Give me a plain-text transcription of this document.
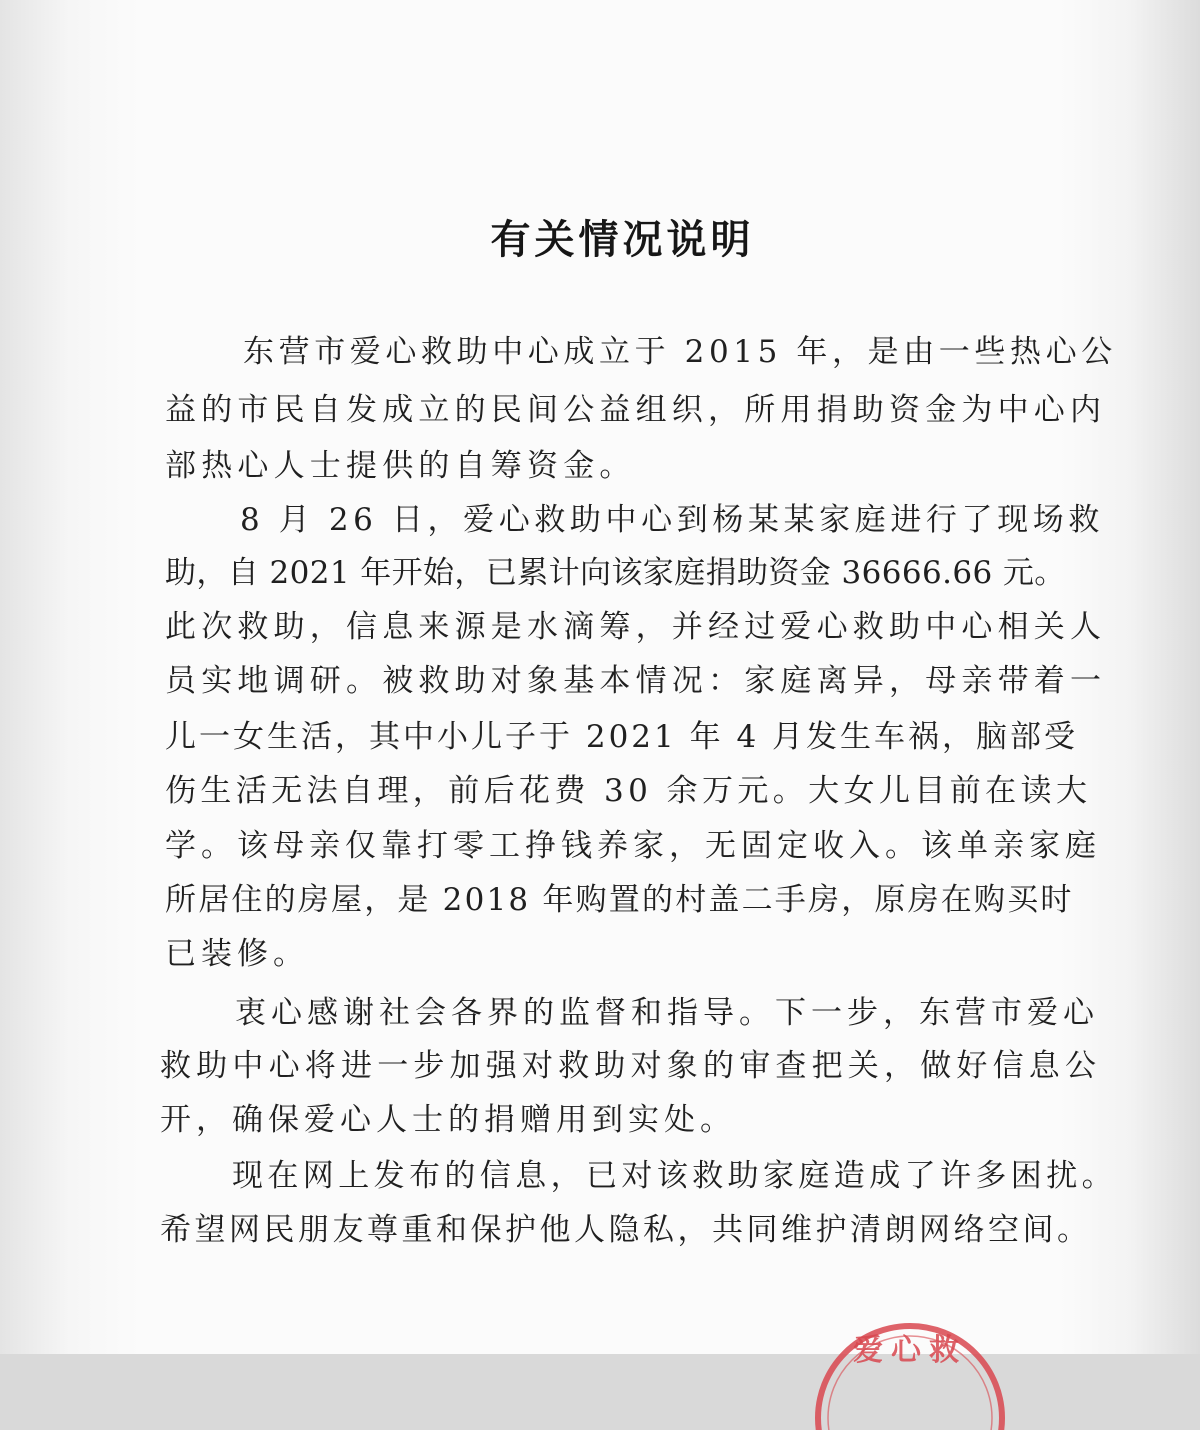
有关情况说明
东营市爱心救助中心成立于 2015 年，是由一些热心公
益的市民自发成立的民间公益组织，所用捐助资金为中心内
部热心人士提供的自筹资金。
8 月 26 日，爱心救助中心到杨某某家庭进行了现场救
助，自 2021 年开始，已累计向该家庭捐助资金 36666.66 元。
此次救助，信息来源是水滴筹，并经过爱心救助中心相关人
员实地调研。被救助对象基本情况：家庭离异，母亲带着一
儿一女生活，其中小儿子于 2021 年 4 月发生车祸，脑部受
伤生活无法自理，前后花费 30 余万元。大女儿目前在读大
学。该母亲仅靠打零工挣钱养家，无固定收入。该单亲家庭
所居住的房屋，是 2018 年购置的村盖二手房，原房在购买时
已装修。
衷心感谢社会各界的监督和指导。下一步，东营市爱心
救助中心将进一步加强对救助对象的审查把关，做好信息公
开，确保爱心人士的捐赠用到实处。
现在网上发布的信息，已对该救助家庭造成了许多困扰。
希望网民朋友尊重和保护他人隐私，共同维护清朗网络空间。
爱心救
